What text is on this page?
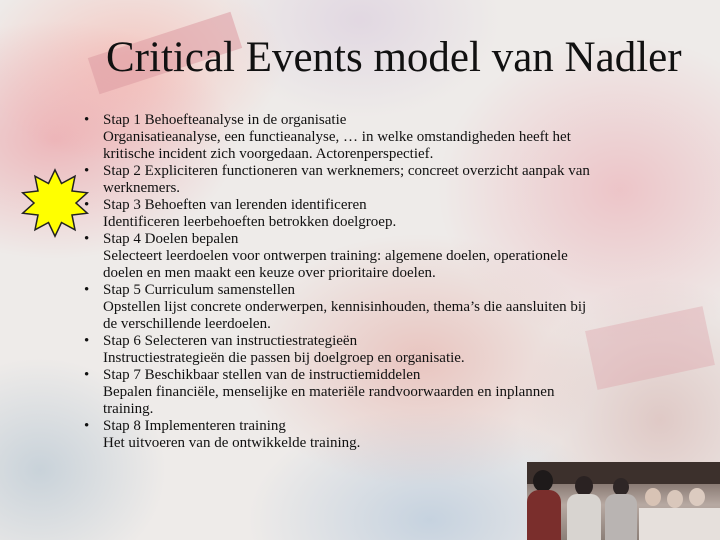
Critical Events model van Nadler
• Stap 1 Behoefteanalyse in de organisatie
Organisatieanalyse, een functieanalyse, … in welke omstandigheden heeft het
kritische incident zich voorgedaan. Actorenperspectief.
• Stap 2 Expliciteren functioneren van werknemers; concreet overzicht aanpak van
werknemers.
• Stap 3 Behoeften van lerenden identificeren
Identificeren leerbehoeften betrokken doelgroep.
• Stap 4 Doelen bepalen
Selecteert leerdoelen voor ontwerpen training: algemene doelen, operationele
doelen en men maakt een keuze over prioritaire doelen.
• Stap 5 Curriculum samenstellen
Opstellen lijst concrete onderwerpen, kennisinhouden, thema’s die aansluiten bij
de verschillende leerdoelen.
• Stap 6 Selecteren van instructiestrategieën
Instructiestrategieën die passen bij doelgroep en organisatie.
• Stap 7 Beschikbaar stellen van de instructiemiddelen
Bepalen financiële, menselijke en materiële randvoorwaarden en inplannen
training.
• Stap 8 Implementeren training
Het uitvoeren van de ontwikkelde training.
